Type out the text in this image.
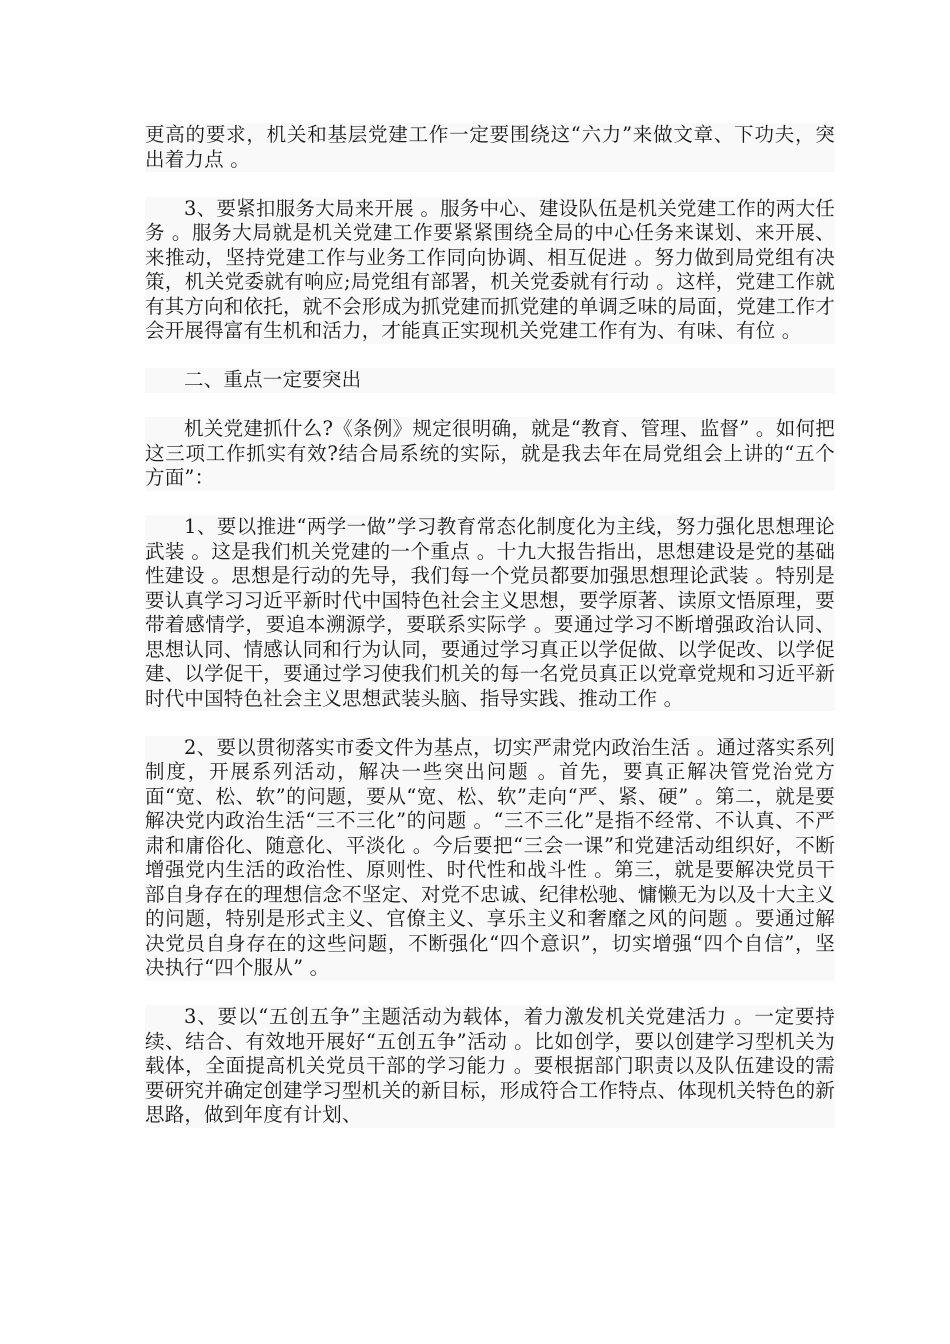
更高的要求，机关和基层党建工作一定要围绕这“六力”来做文章、下功夫，突出着力点 。

3、要紧扣服务大局来开展 。服务中心、建设队伍是机关党建工作的两大任务 。服务大局就是机关党建工作要紧紧围绕全局的中心任务来谋划、来开展、来推动，坚持党建工作与业务工作同向协调、相互促进 。努力做到局党组有决策，机关党委就有响应;局党组有部署，机关党委就有行动 。这样，党建工作就有其方向和依托，就不会形成为抓党建而抓党建的单调乏味的局面，党建工作才会开展得富有生机和活力，才能真正实现机关党建工作有为、有味、有位 。

二、重点一定要突出

机关党建抓什么?《条例》规定很明确，就是“教育、管理、监督” 。如何把这三项工作抓实有效?结合局系统的实际，就是我去年在局党组会上讲的“五个方面”：

1、要以推进“两学一做”学习教育常态化制度化为主线，努力强化思想理论武装 。这是我们机关党建的一个重点 。十九大报告指出，思想建设是党的基础性建设 。思想是行动的先导，我们每一个党员都要加强思想理论武装 。特别是要认真学习习近平新时代中国特色社会主义思想，要学原著、读原文悟原理，要带着感情学，要追本溯源学，要联系实际学 。要通过学习不断增强政治认同、思想认同、情感认同和行为认同，要通过学习真正以学促做、以学促改、以学促建、以学促干，要通过学习使我们机关的每一名党员真正以党章党规和习近平新时代中国特色社会主义思想武装头脑、指导实践、推动工作 。

2、要以贯彻落实市委文件为基点，切实严肃党内政治生活 。通过落实系列制度，开展系列活动，解决一些突出问题 。首先，要真正解决管党治党方面“宽、松、软”的问题，要从“宽、松、软”走向“严、紧、硬” 。第二，就是要解决党内政治生活“三不三化”的问题 。“三不三化”是指不经常、不认真、不严肃和庸俗化、随意化、平淡化 。今后要把“三会一课”和党建活动组织好，不断增强党内生活的政治性、原则性、时代性和战斗性 。第三，就是要解决党员干部自身存在的理想信念不坚定、对党不忠诚、纪律松驰、慵懒无为以及十大主义的问题，特别是形式主义、官僚主义、享乐主义和奢靡之风的问题 。要通过解决党员自身存在的这些问题，不断强化“四个意识”，切实增强“四个自信”，坚决执行“四个服从” 。

3、要以“五创五争”主题活动为载体，着力激发机关党建活力 。一定要持续、结合、有效地开展好“五创五争”活动 。比如创学，要以创建学习型机关为载体，全面提高机关党员干部的学习能力 。要根据部门职责以及队伍建设的需要研究并确定创建学习型机关的新目标，形成符合工作特点、体现机关特色的新思路，做到年度有计划、
